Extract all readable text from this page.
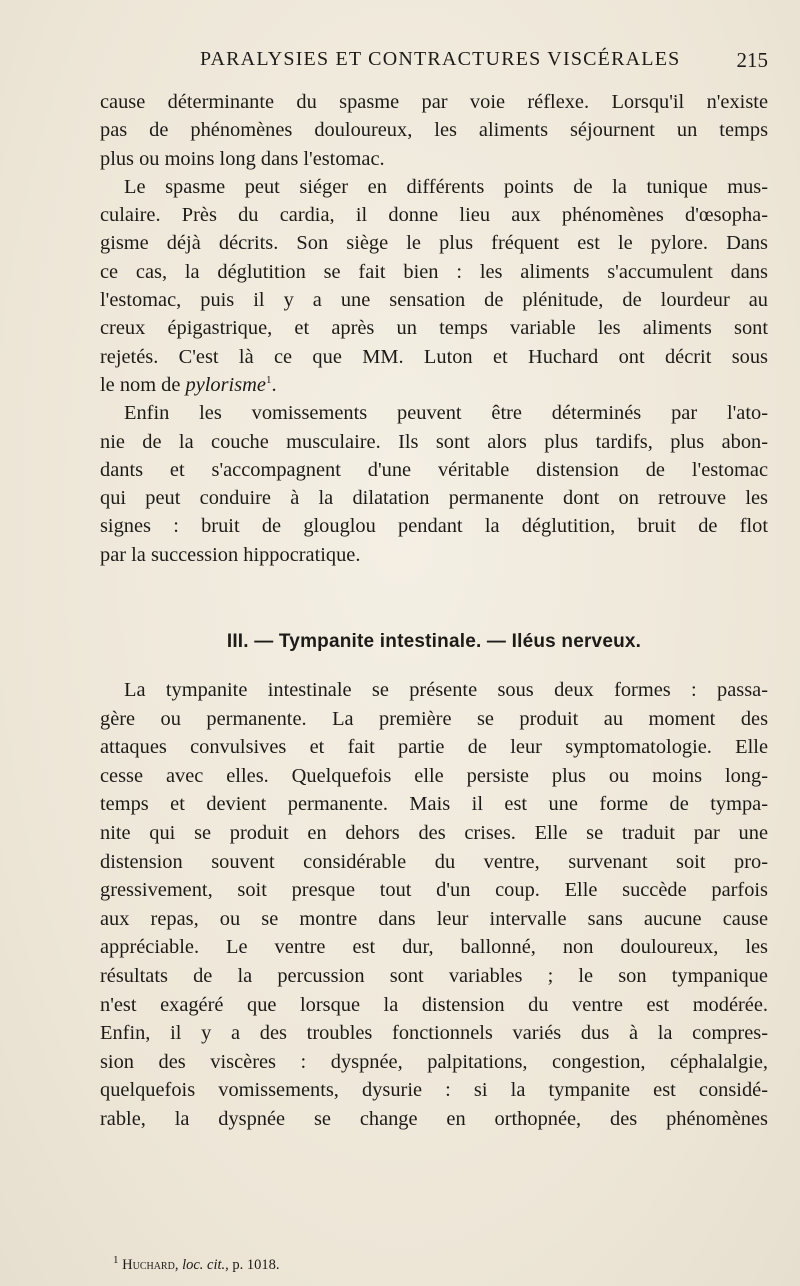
PARALYSIES ET CONTRACTURES VISCÉRALES	215
cause déterminante du spasme par voie réflexe. Lorsqu'il n'existe
pas de phénomènes douloureux, les aliments séjournent un temps
plus ou moins long dans l'estomac.
Le spasme peut siéger en différents points de la tunique mus-
culaire. Près du cardia, il donne lieu aux phénomènes d'œsopha-
gisme déjà décrits. Son siège le plus fréquent est le pylore. Dans
ce cas, la déglutition se fait bien : les aliments s'accumulent dans
l'estomac, puis il y a une sensation de plénitude, de lourdeur au
creux épigastrique, et après un temps variable les aliments sont
rejetés. C'est là ce que MM. Luton et Huchard ont décrit sous
le nom de pylorisme$^1$.
Enfin les vomissements peuvent être déterminés par l'ato-
nie de la couche musculaire. Ils sont alors plus tardifs, plus abon-
dants et s'accompagnent d'une véritable distension de l'estomac
qui peut conduire à la dilatation permanente dont on retrouve les
signes : bruit de glouglou pendant la déglutition, bruit de flot
par la succession hippocratique.
III. — Tympanite intestinale. — Iléus nerveux.
La tympanite intestinale se présente sous deux formes : passa-
gère ou permanente. La première se produit au moment des
attaques convulsives et fait partie de leur symptomatologie. Elle
cesse avec elles. Quelquefois elle persiste plus ou moins long-
temps et devient permanente. Mais il est une forme de tympa-
nite qui se produit en dehors des crises. Elle se traduit par une
distension souvent considérable du ventre, survenant soit pro-
gressivement, soit presque tout d'un coup. Elle succède parfois
aux repas, ou se montre dans leur intervalle sans aucune cause
appréciable. Le ventre est dur, ballonné, non douloureux, les
résultats de la percussion sont variables ; le son tympanique
n'est exagéré que lorsque la distension du ventre est modérée.
Enfin, il y a des troubles fonctionnels variés dus à la compres-
sion des viscères : dyspnée, palpitations, congestion, céphalalgie,
quelquefois vomissements, dysurie : si la tympanite est considé-
rable, la dyspnée se change en orthopnée, des phénomènes
$^1$ Huchard, loc. cit., p. 1018.
